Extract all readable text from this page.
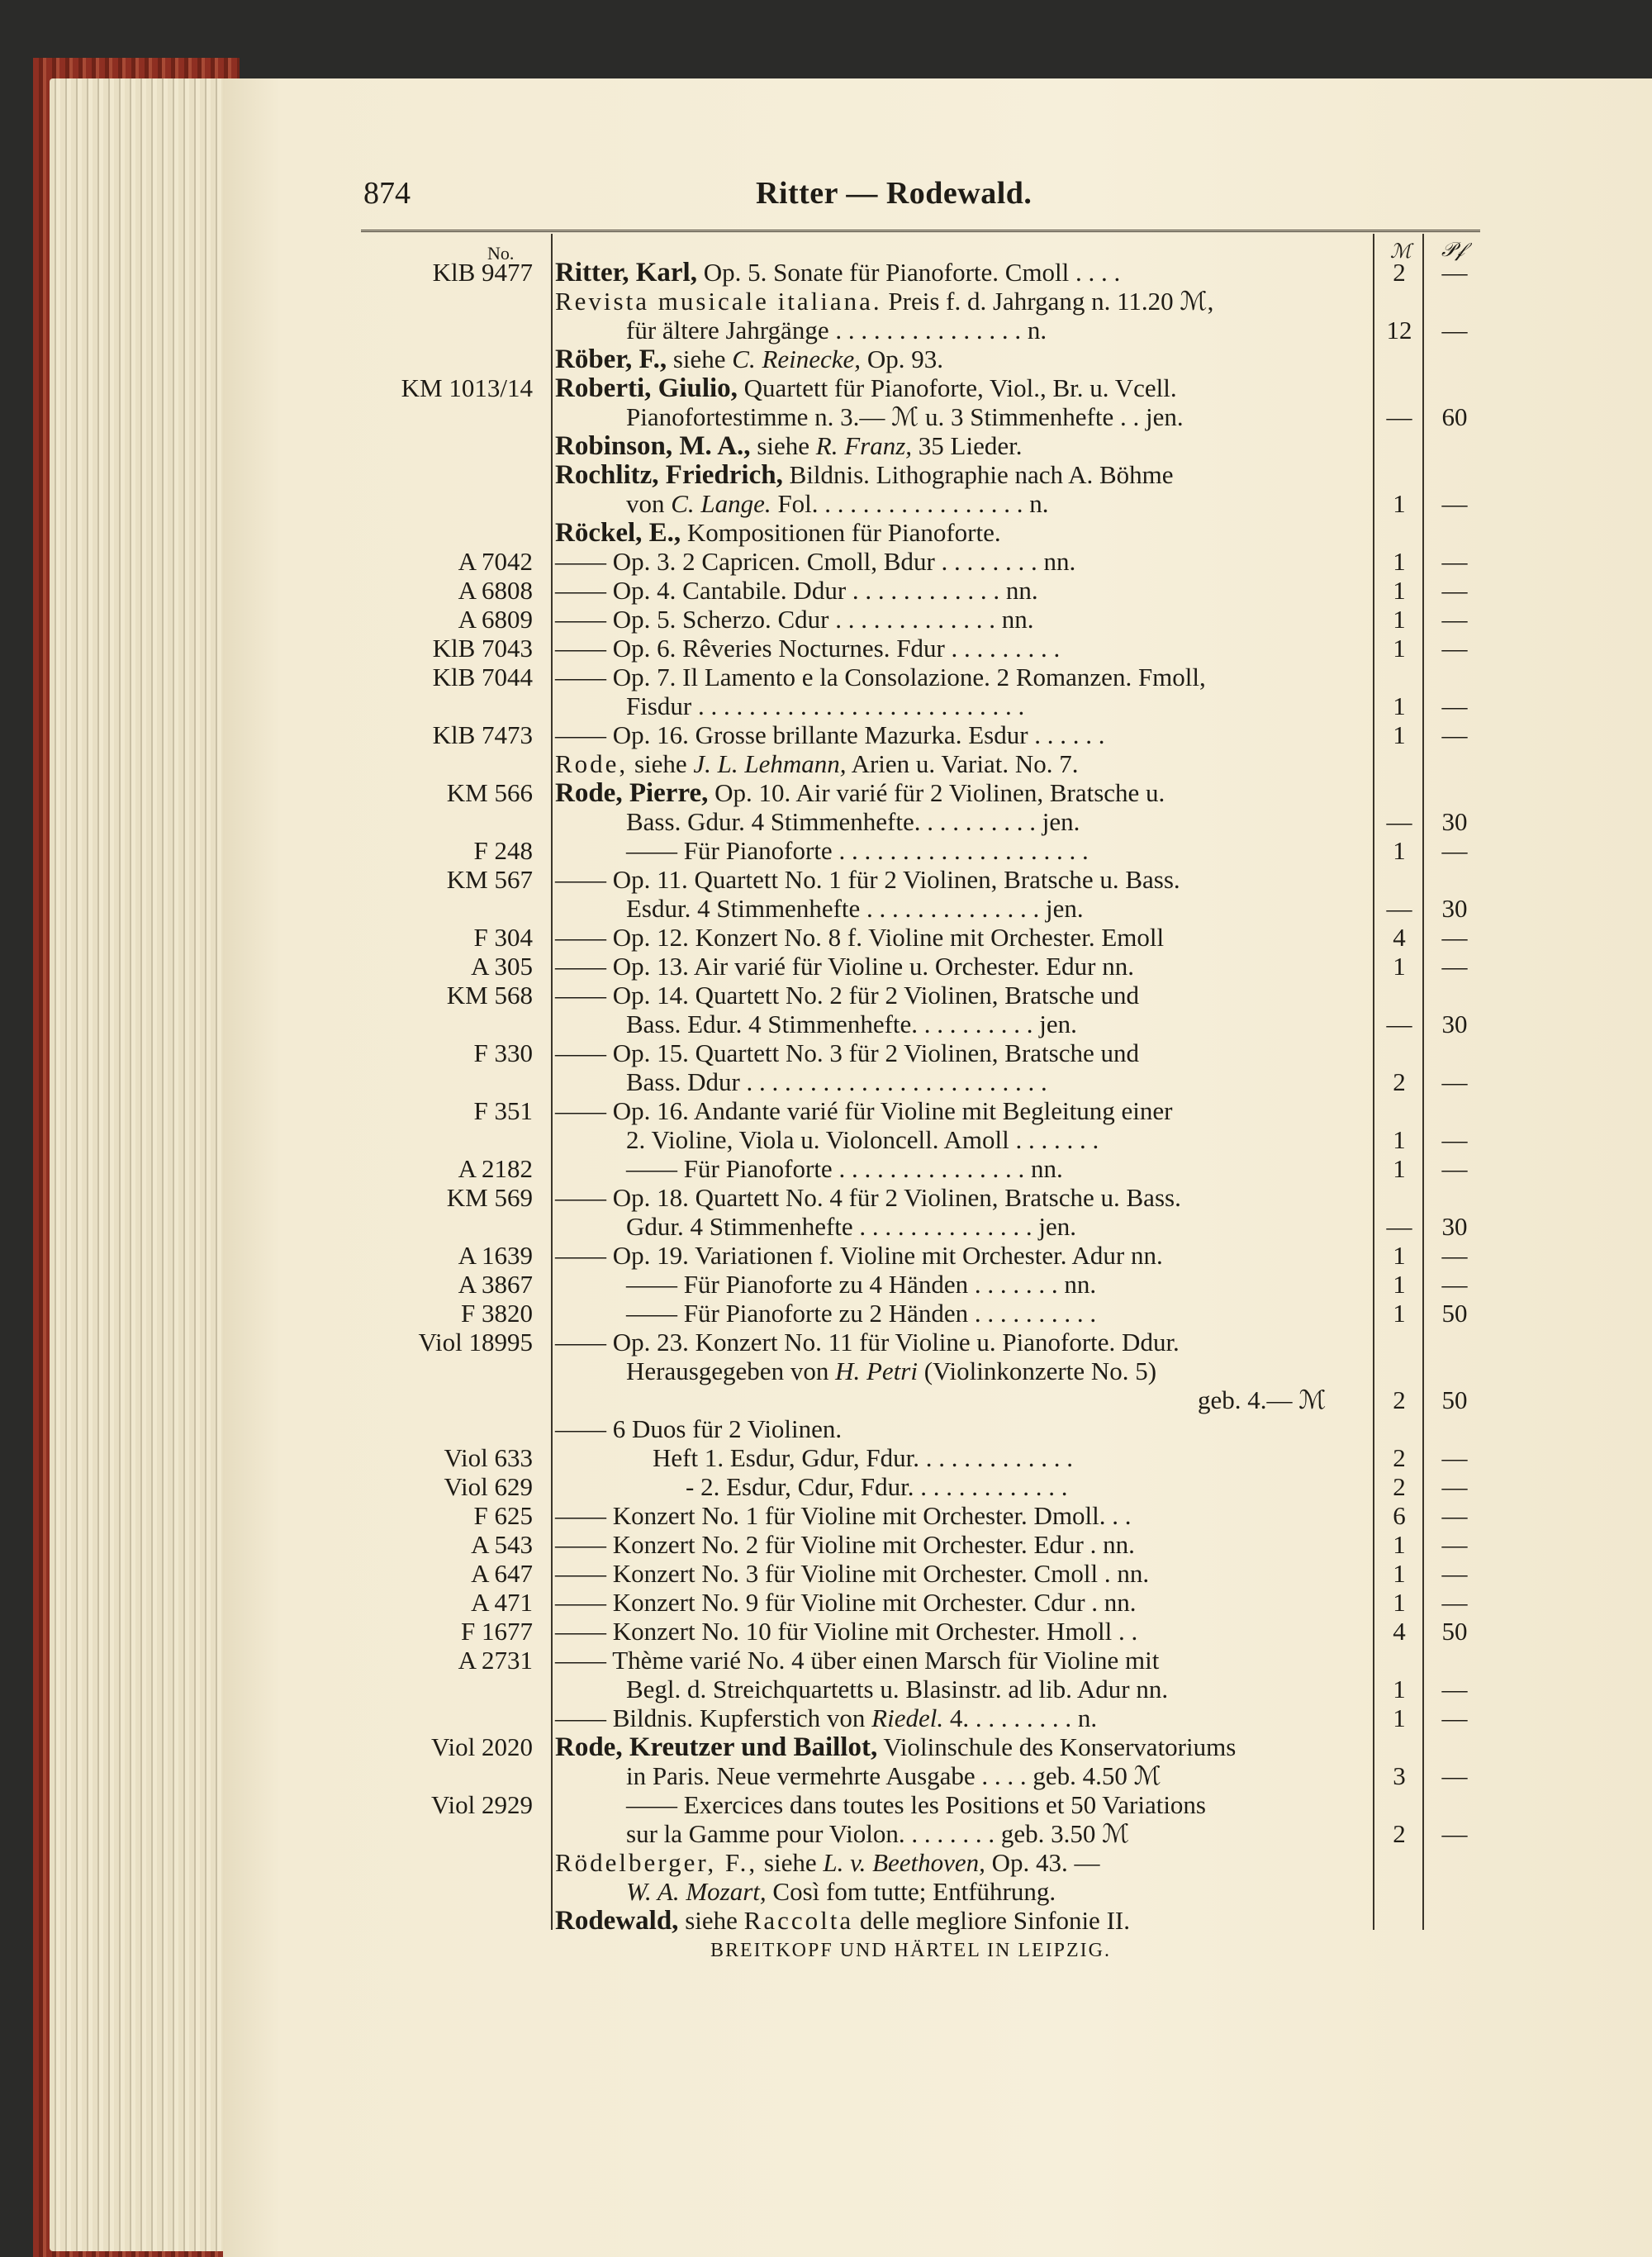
874	Ritter — Rodewald.
No.	ℳ 𝒫𝒻
KlB 9477 Ritter, Karl, Op. 5. Sonate für Pianoforte. Cmoll . . . .	2	—
Revista musicale italiana. Preis f. d. Jahrgang n. 11.20 ℳ,
für ältere Jahrgänge . . . . . . . . . . . . . . . n.	12	—
Röber, F., siehe C. Reinecke, Op. 93.
KM 1013/14 Roberti, Giulio, Quartett für Pianoforte, Viol., Br. u. Vcell.
Pianofortestimme n. 3.— ℳ u. 3 Stimmenhefte . . jen.	—	60
Robinson, M. A., siehe R. Franz, 35 Lieder.
Rochlitz, Friedrich, Bildnis. Lithographie nach A. Böhme
von C. Lange. Fol. . . . . . . . . . . . . . . . . n.	1	—
Röckel, E., Kompositionen für Pianoforte.
A 7042 —— Op. 3. 2 Capricen. Cmoll, Bdur . . . . . . . . nn.	1	—
A 6808 —— Op. 4. Cantabile. Ddur . . . . . . . . . . . . nn.	1	—
A 6809 —— Op. 5. Scherzo. Cdur . . . . . . . . . . . . . nn.	1	—
KlB 7043 —— Op. 6. Rêveries Nocturnes. Fdur . . . . . . . . .	1	—
KlB 7044 —— Op. 7. Il Lamento e la Consolazione. 2 Romanzen. Fmoll,
Fisdur . . . . . . . . . . . . . . . . . . . . . . . . . .	1	—
KlB 7473 —— Op. 16. Grosse brillante Mazurka. Esdur . . . . . .	1	—
Rode, siehe J. L. Lehmann, Arien u. Variat. No. 7.
KM 566 Rode, Pierre, Op. 10. Air varié für 2 Violinen, Bratsche u.
Bass. Gdur. 4 Stimmenhefte. . . . . . . . . . jen.	—	30
F 248	—— Für Pianoforte . . . . . . . . . . . . . . . . . . . .	1	—
KM 567 —— Op. 11. Quartett No. 1 für 2 Violinen, Bratsche u. Bass.
Esdur. 4 Stimmenhefte . . . . . . . . . . . . . . jen.	—	30
F 304 —— Op. 12. Konzert No. 8 f. Violine mit Orchester. Emoll	4	—
A 305 —— Op. 13. Air varié für Violine u. Orchester. Edur nn.	1	—
KM 568 —— Op. 14. Quartett No. 2 für 2 Violinen, Bratsche und
Bass. Edur. 4 Stimmenhefte. . . . . . . . . . jen.	—	30
F 330 —— Op. 15. Quartett No. 3 für 2 Violinen, Bratsche und
Bass. Ddur . . . . . . . . . . . . . . . . . . . . . . . .	2	—
F 351 —— Op. 16. Andante varié für Violine mit Begleitung einer
2. Violine, Viola u. Violoncell. Amoll . . . . . . .	1	—
A 2182	—— Für Pianoforte . . . . . . . . . . . . . . . nn.	1	—
KM 569 —— Op. 18. Quartett No. 4 für 2 Violinen, Bratsche u. Bass.
Gdur. 4 Stimmenhefte . . . . . . . . . . . . . . jen.	—	30
A 1639 —— Op. 19. Variationen f. Violine mit Orchester. Adur nn.	1	—
A 3867	—— Für Pianoforte zu 4 Händen . . . . . . . nn.	1	—
F 3820	—— Für Pianoforte zu 2 Händen . . . . . . . . . .	1	50
Viol 18995 —— Op. 23. Konzert No. 11 für Violine u. Pianoforte. Ddur.
Herausgegeben von H. Petri (Violinkonzerte No. 5)
geb. 4.— ℳ	2	50
—— 6 Duos für 2 Violinen.
Viol 633	Heft 1. Esdur, Gdur, Fdur. . . . . . . . . . . . .	2	—
Viol 629	- 2. Esdur, Cdur, Fdur. . . . . . . . . . . . .	2	—
F 625 —— Konzert No. 1 für Violine mit Orchester. Dmoll. . .	6	—
A 543 —— Konzert No. 2 für Violine mit Orchester. Edur . nn.	1	—
A 647 —— Konzert No. 3 für Violine mit Orchester. Cmoll . nn.	1	—
A 471 —— Konzert No. 9 für Violine mit Orchester. Cdur . nn.	1	—
F 1677 —— Konzert No. 10 für Violine mit Orchester. Hmoll . .	4	50
A 2731 —— Thème varié No. 4 über einen Marsch für Violine mit
Begl. d. Streichquartetts u. Blasinstr. ad lib. Adur nn.	1	—
—— Bildnis. Kupferstich von Riedel. 4. . . . . . . . . n.	1	—
Viol 2020 Rode, Kreutzer und Baillot, Violinschule des Konservatoriums
in Paris. Neue vermehrte Ausgabe . . . . geb. 4.50 ℳ	3	—
Viol 2929	—— Exercices dans toutes les Positions et 50 Variations
sur la Gamme pour Violon. . . . . . . . geb. 3.50 ℳ	2	—
Rödelberger, F., siehe L. v. Beethoven, Op. 43. —
W. A. Mozart, Così fom tutte; Entführung.
Rodewald, siehe Raccolta delle megliore Sinfonie II.
BREITKOPF UND HÄRTEL IN LEIPZIG.
